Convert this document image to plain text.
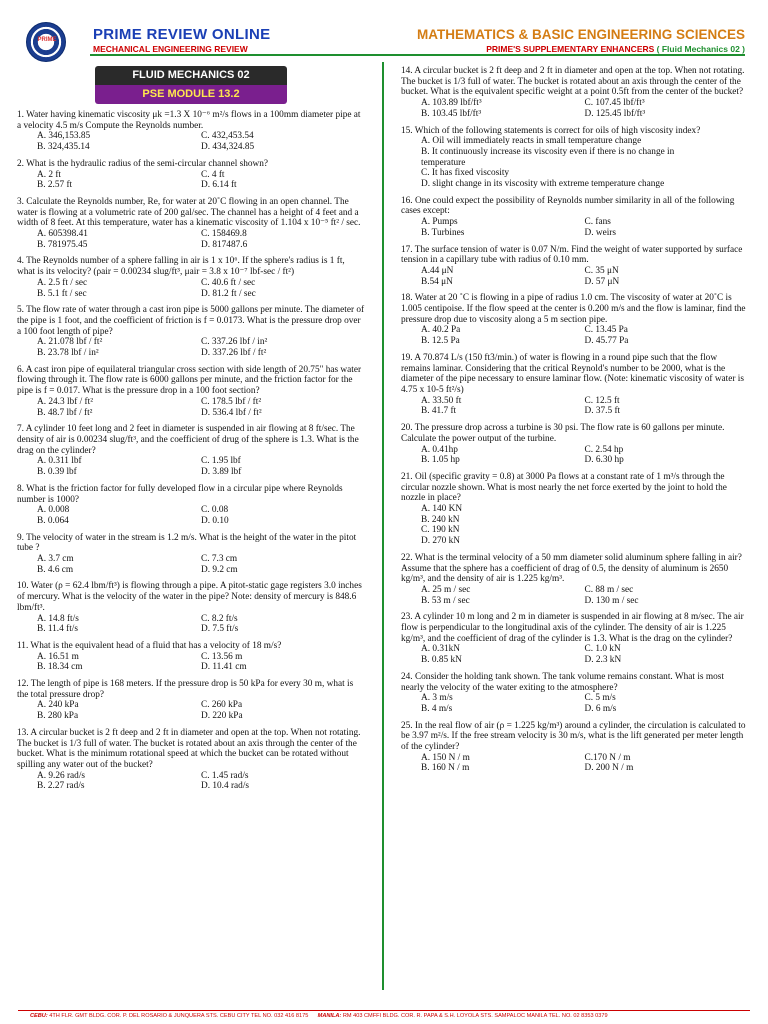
PRIME PRIME REVIEW ONLINE
MECHANICAL ENGINEERING REVIEW
MATHEMATICS & BASIC ENGINEERING SCIENCES
PRIME'S SUPPLEMENTARY ENHANCERS ( Fluid Mechanics 02 )
FLUID MECHANICS 02
PSE MODULE 13.2
1. Water having kinematic viscosity μk =1.3 X 10⁻⁶ m²/s flows in a 100mm diameter pipe at a velocity 4.5 m/s Compute the Reynolds number.
A. 346,153.85	C. 432,453.54
B. 324,435.14	D. 434,324.85
2. What is the hydraulic radius of the semi-circular channel shown?
A. 2 ft	C. 4 ft
B. 2.57 ft	D. 6.14 ft
3. Calculate the Reynolds number, Re, for water at 20˚C flowing in an open channel. The water is flowing at a volumetric rate of 200 gal/sec. The channel has a height of 4 feet and a width of 8 feet. At this temperature, water has a kinematic viscosity of 1.104 x 10⁻⁵ ft² / sec.
A. 605398.41	C. 158469.8
B. 781975.45	D. 817487.6
4. The Reynolds number of a sphere falling in air is 1 x 10⁶. If the sphere's radius is 1 ft, what is its velocity? (ρair = 0.00234 slug/ft³, μair = 3.8 x 10⁻⁷ lbf-sec / ft²)
A. 2.5 ft / sec	C. 40.6 ft / sec
B. 5.1 ft / sec	D. 81.2 ft / sec
5. The flow rate of water through a cast iron pipe is 5000 gallons per minute. The diameter of the pipe is 1 foot, and the coefficient of friction is f = 0.0173. What is the pressure drop over a 100 foot length of pipe?
A. 21.078 lbf / ft²	C. 337.26 lbf / in²
B. 23.78 lbf / in²	D. 337.26 lbf / ft²
6. A cast iron pipe of equilateral triangular cross section with side length of 20.75" has water flowing through it. The flow rate is 6000 gallons per minute, and the friction factor for the pipe is f = 0.017. What is the pressure drop in a 100 foot section?
A. 24.3 lbf / ft²	C. 178.5 lbf / ft²
B. 48.7 lbf / ft²	D. 536.4 lbf / ft²
7. A cylinder 10 feet long and 2 feet in diameter is suspended in air flowing at 8 ft/sec. The density of air is 0.00234 slug/ft³, and the coefficient of drug of the sphere is 1.3. What is the drag on the cylinder?
A. 0.311 lbf	C. 1.95 lbf
B. 0.39 lbf	D. 3.89 lbf
8. What is the friction factor for fully developed flow in a circular pipe where Reynolds number is 1000?
A. 0.008	C. 0.08
B. 0.064	D. 0.10
9. The velocity of water in the stream is 1.2 m/s. What is the height of the water in the pitot tube ?
A. 3.7 cm	C. 7.3 cm
B. 4.6 cm	D. 9.2 cm
10. Water (ρ = 62.4 lbm/ft³) is flowing through a pipe. A pitot-static gage registers 3.0 inches of mercury. What is the velocity of the water in the pipe? Note: density of mercury is 848.6 lbm/ft³.
A. 14.8 ft/s	C. 8.2 ft/s
B. 11.4 ft/s	D. 7.5 ft/s
11. What is the equivalent head of a fluid that has a velocity of 18 m/s?
A. 16.51 m	C. 13.56 m
B. 18.34 cm	D. 11.41 cm
12. The length of pipe is 168 meters. If the pressure drop is 50 kPa for every 30 m, what is the total pressure drop?
A. 240 kPa	C. 260 kPa
B. 280 kPa	D. 220 kPa
13. A circular bucket is 2 ft deep and 2 ft in diameter and open at the top. When not rotating. The bucket is 1/3 full of water. The bucket is rotated about an axis through the center of the bucket. What is the minimum rotational speed at which the bucket can be rotated without spilling any water out of the bucket?
A. 9.26 rad/s	C. 1.45 rad/s
B. 2.27 rad/s	D. 10.4 rad/s
14. A circular bucket is 2 ft deep and 2 ft in diameter and open at the top. When not rotating. The bucket is 1/3 full of water. The bucket is rotated about an axis through the center of the bucket. What is the equivalent specific weight at a point 0.5ft from the center of the bucket?
A. 103.89 lbf/ft³	C. 107.45 lbf/ft³
B. 103.45 lbf/ft³	D. 125.45 lbf/ft³
15. Which of the following statements is correct for oils of high viscosity index?
A. Oil will immediately reacts in small temperature change
B. It continuously increase its viscosity even if there is no change in
temperature
C. It has fixed viscosity
D. slight change in its viscosity with extreme temperature change
16. One could expect the possibility of Reynolds number similarity in all of the following cases except:
A. Pumps	C. fans
B. Turbines	D. weirs
17. The surface tension of water is 0.07 N/m. Find the weight of water supported by surface tension in a capillary tube with radius of 0.10 mm.
A.44 μN	C. 35 μN
B.54 μN	D. 57 μN
18. Water at 20 ˚C is flowing in a pipe of radius 1.0 cm. The viscosity of water at 20˚C is 1.005 centipoise. If the flow speed at the center is 0.200 m/s and the flow is laminar, find the pressure drop due to viscosity along a 5 m section pipe.
A. 40.2 Pa	C. 13.45 Pa
B. 12.5 Pa	D. 45.77 Pa
19. A 70.874 L/s (150 ft3/min.) of water is flowing in a round pipe such that the flow remains laminar. Considering that the critical Reynold's number to be 2000, what is the diameter of the pipe necessary to ensure laminar flow. (Note: kinematic viscosity of water is 4.75 x 10-5 ft²/s)
A. 33.50 ft	C. 12.5 ft
B. 41.7 ft	D. 37.5 ft
20. The pressure drop across a turbine is 30 psi. The flow rate is 60 gallons per minute. Calculate the power output of the turbine.
A. 0.41hp	C. 2.54 hp
B. 1.05 hp	D. 6.30 hp
21. Oil (specific gravity = 0.8) at 3000 Pa flows at a constant rate of 1 m³/s through the circular nozzle shown. What is most nearly the net force exerted by the joint to hold the nozzle in place?
A. 140 KN
B. 240 kN
C. 190 kN
D. 270 kN
22. What is the terminal velocity of a 50 mm diameter solid aluminum sphere falling in air? Assume that the sphere has a coefficient of drag of 0.5, the density of aluminum is 2650 kg/m³, and the density of air is 1.225 kg/m³.
A. 25 m / sec	C. 88 m / sec
B. 53 m / sec	D. 130 m / sec
23. A cylinder 10 m long and 2 m in diameter is suspended in air flowing at 8 m/sec. The air flow is perpendicular to the longitudinal axis of the cylinder. The density of air is 1.225 kg/m³, and the coefficient of drag of the cylinder is 1.3. What is the drag on the cylinder?
A. 0.31kN	C. 1.0 kN
B. 0.85 kN	D. 2.3 kN
24. Consider the holding tank shown. The tank volume remains constant. What is most nearly the velocity of the water exiting to the atmosphere?
A. 3 m/s	C. 5 m/s
B. 4 m/s	D. 6 m/s
25. In the real flow of air (ρ = 1.225 kg/m³) around a cylinder, the circulation is calculated to be 3.97 m²/s. If the free stream velocity is 30 m/s, what is the lift generated per meter length of the cylinder?
A. 150 N / m	C.170 N / m
B. 160 N / m	D. 200 N / m
CEBU: 4TH FLR. GMT BLDG. COR. P. DEL ROSARIO & JUNQUERA STS. CEBU CITY TEL NO. 032 416 8175 MANILA: RM 403 CMFFI BLDG. COR. R. PAPA & S.H. LOYOLA STS. SAMPALOC MANILA TEL. NO. 02 8353 0379
